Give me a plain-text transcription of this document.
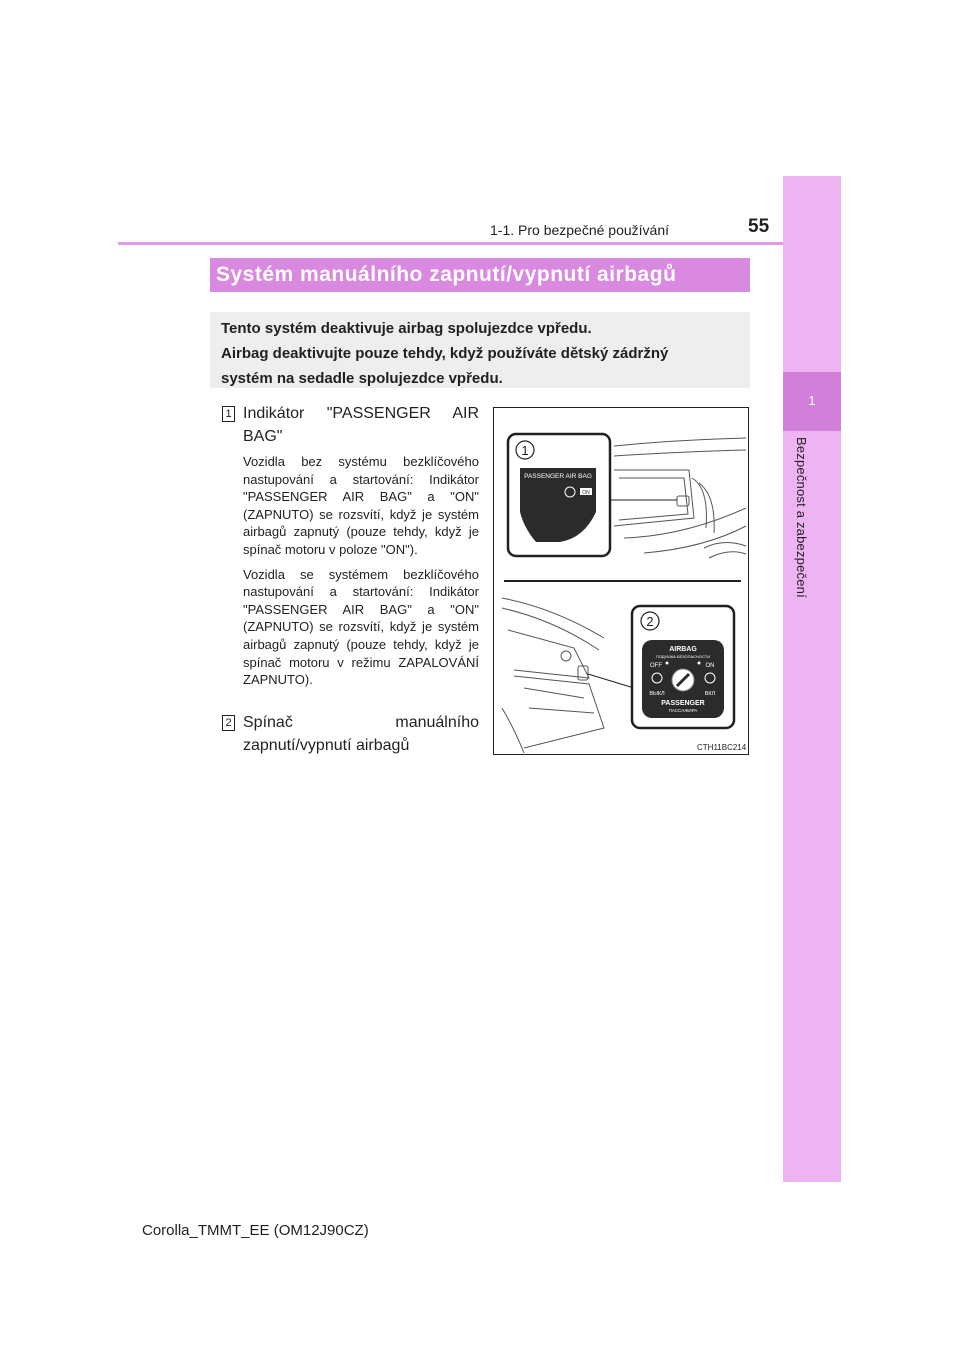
1-1. Pro bezpečné používání	55
1
Bezpečnost a zabezpečení
Systém manuálního zapnutí/vypnutí airbagů
Tento systém deaktivuje airbag spolujezdce vpředu.
Airbag deaktivujte pouze tehdy, když používáte dětský zádržný
systém na sedadle spolujezdce vpředu.
1 Indikátor "PASSENGER AIR BAG"
Vozidla bez systému bezklíčového nastupování a startování: Indikátor "PASSENGER AIR BAG" a "ON" (ZAPNUTO) se rozsvítí, když je systém airbagů zapnutý (pouze tehdy, když je spínač motoru v poloze "ON").
Vozidla se systémem bezklíčového nastupování a startování: Indikátor "PASSENGER AIR BAG" a "ON" (ZAPNUTO) se rozsvítí, když je systém airbagů zapnutý (pouze tehdy, když je spínač motoru v režimu ZAPALOVÁNÍ ZAPNUTO).
2 Spínač manuálního zapnutí/vypnutí airbagů
1
PASSENGER AIR BAG
ON
2
AIRBAG
ПОДУШКА БЕЗОПАСНОСТИ
OFF	ON
ВЫКЛ	ВКЛ
PASSENGER
ПАССАЖИРА
CTH11BC214
Corolla_TMMT_EE (OM12J90CZ)
